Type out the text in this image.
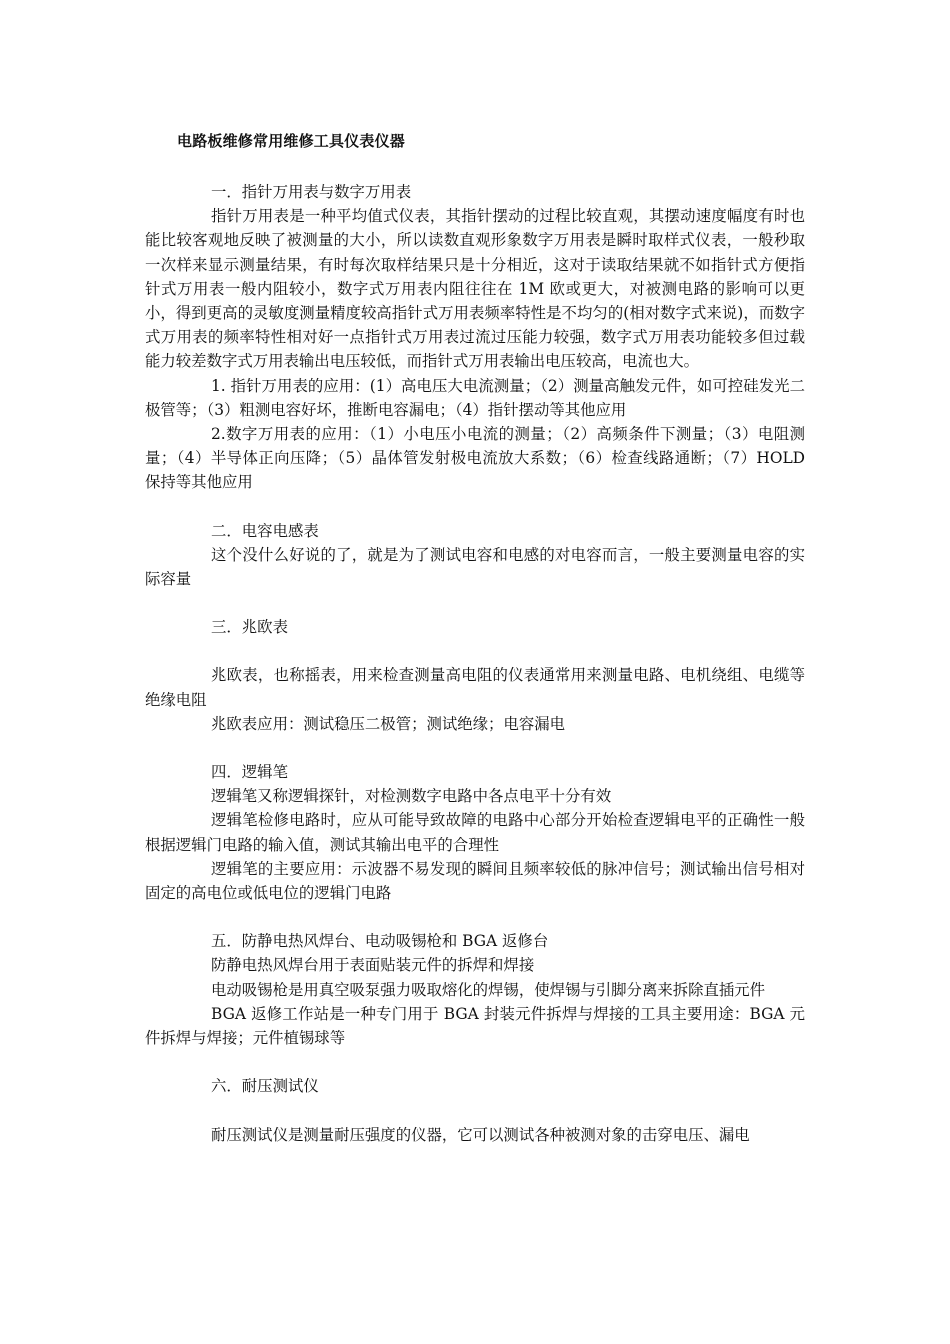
电路板维修常用维修工具仪表仪器

一．指针万用表与数字万用表

指针万用表是一种平均值式仪表，其指针摆动的过程比较直观，其摆动速度幅度有时也能比较客观地反映了被测量的大小，所以读数直观形象数字万用表是瞬时取样式仪表，一般秒取一次样来显示测量结果，有时每次取样结果只是十分相近，这对于读取结果就不如指针式方便指针式万用表一般内阻较小，数字式万用表内阻往往在 1M 欧或更大，对被测电路的影响可以更小，得到更高的灵敏度测量精度较高指针式万用表频率特性是不均匀的(相对数字式来说)，而数字式万用表的频率特性相对好一点指针式万用表过流过压能力较强，数字式万用表功能较多但过载能力较差数字式万用表输出电压较低，而指针式万用表输出电压较高，电流也大。

1. 指针万用表的应用：(1）高电压大电流测量；（2）测量高触发元件，如可控硅发光二极管等；（3）粗测电容好坏，推断电容漏电；（4）指针摆动等其他应用

2.数字万用表的应用：（1）小电压小电流的测量；（2）高频条件下测量；（3）电阻测量；（4）半导体正向压降；（5）晶体管发射极电流放大系数；（6）检查线路通断；（7）HOLD 保持等其他应用

二．电容电感表

这个没什么好说的了，就是为了测试电容和电感的对电容而言，一般主要测量电容的实际容量

三．兆欧表

兆欧表，也称摇表，用来检查测量高电阻的仪表通常用来测量电路、电机绕组、电缆等绝缘电阻

兆欧表应用：测试稳压二极管；测试绝缘；电容漏电

四．逻辑笔

逻辑笔又称逻辑探针，对检测数字电路中各点电平十分有效

逻辑笔检修电路时，应从可能导致故障的电路中心部分开始检查逻辑电平的正确性一般根据逻辑门电路的输入值，测试其输出电平的合理性

逻辑笔的主要应用：示波器不易发现的瞬间且频率较低的脉冲信号；测试输出信号相对固定的高电位或低电位的逻辑门电路

五．防静电热风焊台、电动吸锡枪和 BGA 返修台

防静电热风焊台用于表面贴装元件的拆焊和焊接

电动吸锡枪是用真空吸泵强力吸取熔化的焊锡，使焊锡与引脚分离来拆除直插元件

BGA 返修工作站是一种专门用于 BGA 封装元件拆焊与焊接的工具主要用途：BGA 元件拆焊与焊接；元件植锡球等

六．耐压测试仪

耐压测试仪是测量耐压强度的仪器，它可以测试各种被测对象的击穿电压、漏电
